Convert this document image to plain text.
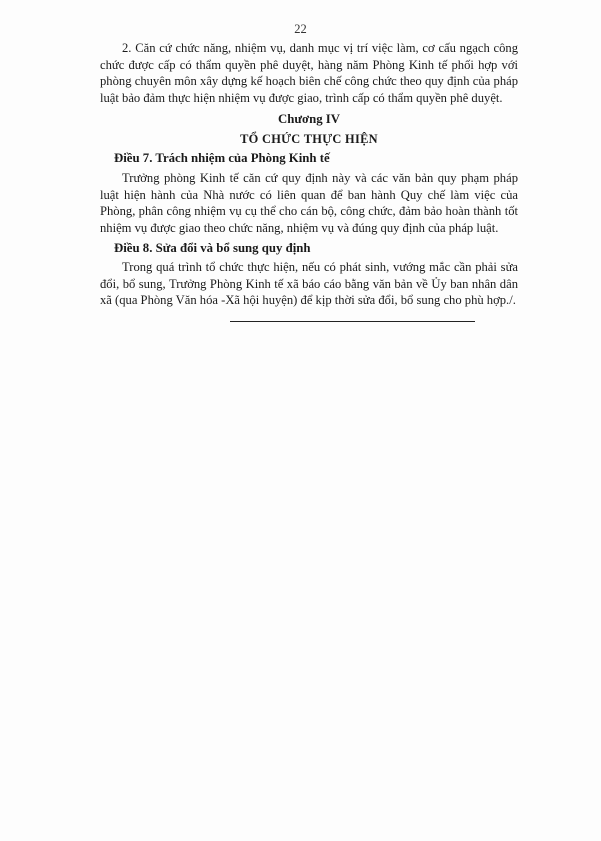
22

2. Căn cứ chức năng, nhiệm vụ, danh mục vị trí việc làm, cơ cấu ngạch công chức được cấp có thẩm quyền phê duyệt, hàng năm Phòng Kinh tế phối hợp với phòng chuyên môn xây dựng kế hoạch biên chế công chức theo quy định của pháp luật bảo đảm thực hiện nhiệm vụ được giao, trình cấp có thẩm quyền phê duyệt.

Chương IV

TỔ CHỨC THỰC HIỆN

Điều 7. Trách nhiệm của Phòng Kinh tế

Trưởng phòng Kinh tế căn cứ quy định này và các văn bản quy phạm pháp luật hiện hành của Nhà nước có liên quan để ban hành Quy chế làm việc của Phòng, phân công nhiệm vụ cụ thể cho cán bộ, công chức, đảm bảo hoàn thành tốt nhiệm vụ được giao theo chức năng, nhiệm vụ và đúng quy định của pháp luật.

Điều 8. Sửa đổi và bổ sung quy định

Trong quá trình tổ chức thực hiện, nếu có phát sinh, vướng mắc cần phải sửa đổi, bổ sung, Trưởng Phòng Kinh tế xã báo cáo bằng văn bản về Ủy ban nhân dân xã (qua Phòng Văn hóa -Xã hội huyện) để kịp thời sửa đổi, bổ sung cho phù hợp./.
